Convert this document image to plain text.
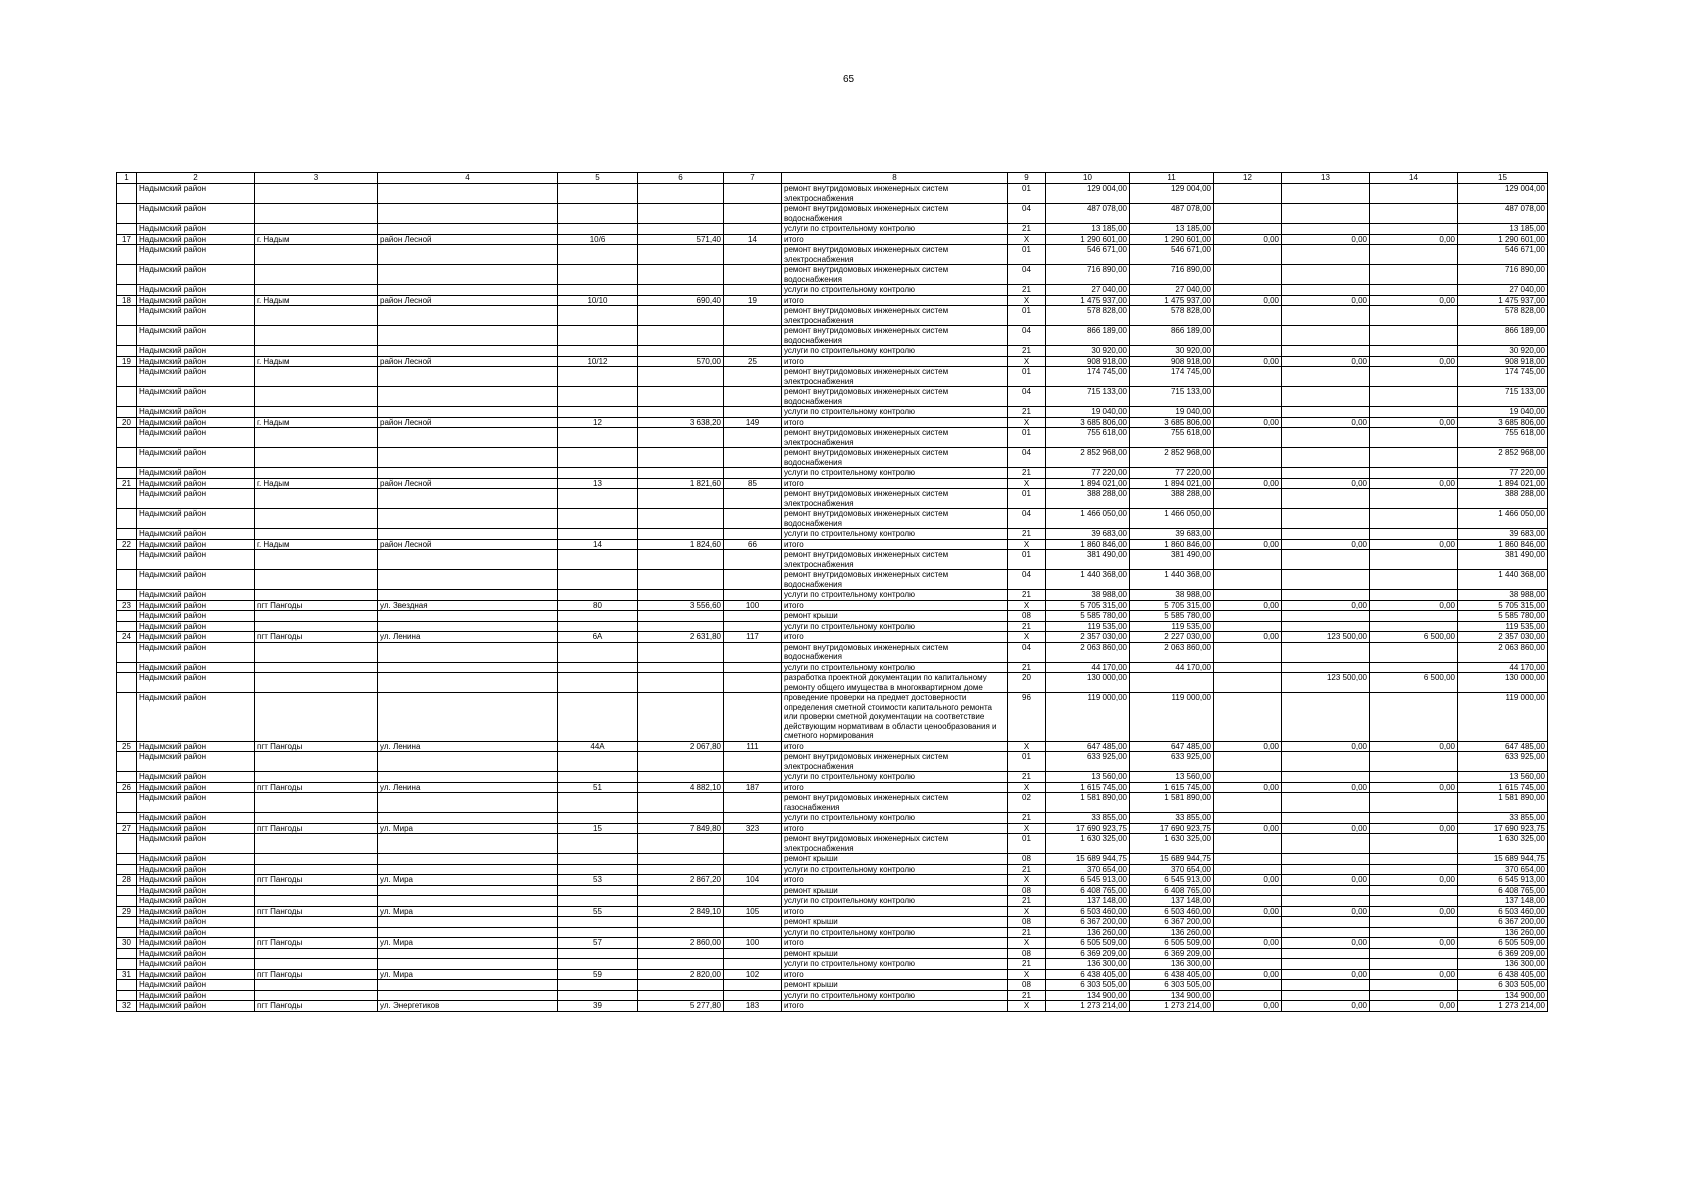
65
1	2	3	4	5	6	7	8	9	10	11	12	13	14	15
	Надымский район						ремонт внутридомовых инженерных систем электроснабжения	01	129 004,00	129 004,00				129 004,00
	Надымский район						ремонт внутридомовых инженерных систем водоснабжения	04	487 078,00	487 078,00				487 078,00
	Надымский район						услуги по строительному контролю	21	13 185,00	13 185,00				13 185,00
17	Надымский район	г. Надым	район Лесной	10/6	571,40	14	итого	X	1 290 601,00	1 290 601,00	0,00	0,00	0,00	1 290 601,00
	Надымский район						ремонт внутридомовых инженерных систем электроснабжения	01	546 671,00	546 671,00				546 671,00
	Надымский район						ремонт внутридомовых инженерных систем водоснабжения	04	716 890,00	716 890,00				716 890,00
	Надымский район						услуги по строительному контролю	21	27 040,00	27 040,00				27 040,00
18	Надымский район	г. Надым	район Лесной	10/10	690,40	19	итого	X	1 475 937,00	1 475 937,00	0,00	0,00	0,00	1 475 937,00
	Надымский район						ремонт внутридомовых инженерных систем электроснабжения	01	578 828,00	578 828,00				578 828,00
	Надымский район						ремонт внутридомовых инженерных систем водоснабжения	04	866 189,00	866 189,00				866 189,00
	Надымский район						услуги по строительному контролю	21	30 920,00	30 920,00				30 920,00
19	Надымский район	г. Надым	район Лесной	10/12	570,00	25	итого	X	908 918,00	908 918,00	0,00	0,00	0,00	908 918,00
	Надымский район						ремонт внутридомовых инженерных систем электроснабжения	01	174 745,00	174 745,00				174 745,00
	Надымский район						ремонт внутридомовых инженерных систем водоснабжения	04	715 133,00	715 133,00				715 133,00
	Надымский район						услуги по строительному контролю	21	19 040,00	19 040,00				19 040,00
20	Надымский район	г. Надым	район Лесной	12	3 638,20	149	итого	X	3 685 806,00	3 685 806,00	0,00	0,00	0,00	3 685 806,00
	Надымский район						ремонт внутридомовых инженерных систем электроснабжения	01	755 618,00	755 618,00				755 618,00
	Надымский район						ремонт внутридомовых инженерных систем водоснабжения	04	2 852 968,00	2 852 968,00				2 852 968,00
	Надымский район						услуги по строительному контролю	21	77 220,00	77 220,00				77 220,00
21	Надымский район	г. Надым	район Лесной	13	1 821,60	85	итого	X	1 894 021,00	1 894 021,00	0,00	0,00	0,00	1 894 021,00
	Надымский район						ремонт внутридомовых инженерных систем электроснабжения	01	388 288,00	388 288,00				388 288,00
	Надымский район						ремонт внутридомовых инженерных систем водоснабжения	04	1 466 050,00	1 466 050,00				1 466 050,00
	Надымский район						услуги по строительному контролю	21	39 683,00	39 683,00				39 683,00
22	Надымский район	г. Надым	район Лесной	14	1 824,60	66	итого	X	1 860 846,00	1 860 846,00	0,00	0,00	0,00	1 860 846,00
	Надымский район						ремонт внутридомовых инженерных систем электроснабжения	01	381 490,00	381 490,00				381 490,00
	Надымский район						ремонт внутридомовых инженерных систем водоснабжения	04	1 440 368,00	1 440 368,00				1 440 368,00
	Надымский район						услуги по строительному контролю	21	38 988,00	38 988,00				38 988,00
23	Надымский район	пгт Пангоды	ул. Звездная	80	3 556,60	100	итого	X	5 705 315,00	5 705 315,00	0,00	0,00	0,00	5 705 315,00
	Надымский район						ремонт крыши	08	5 585 780,00	5 585 780,00				5 585 780,00
	Надымский район						услуги по строительному контролю	21	119 535,00	119 535,00				119 535,00
24	Надымский район	пгт Пангоды	ул. Ленина	6А	2 631,80	117	итого	X	2 357 030,00	2 227 030,00	0,00	123 500,00	6 500,00	2 357 030,00
	Надымский район						ремонт внутридомовых инженерных систем водоснабжения	04	2 063 860,00	2 063 860,00				2 063 860,00
	Надымский район						услуги по строительному контролю	21	44 170,00	44 170,00				44 170,00
	Надымский район						разработка проектной документации по капитальному ремонту общего имущества в многоквартирном доме	20	130 000,00			123 500,00	6 500,00	130 000,00
	Надымский район						проведение проверки на предмет достоверности определения сметной стоимости капитального ремонта или проверки сметной документации на соответствие действующим нормативам в области ценообразования и сметного нормирования	96	119 000,00	119 000,00				119 000,00
25	Надымский район	пгт Пангоды	ул. Ленина	44А	2 067,80	111	итого	X	647 485,00	647 485,00	0,00	0,00	0,00	647 485,00
	Надымский район						ремонт внутридомовых инженерных систем электроснабжения	01	633 925,00	633 925,00				633 925,00
	Надымский район						услуги по строительному контролю	21	13 560,00	13 560,00				13 560,00
26	Надымский район	пгт Пангоды	ул. Ленина	51	4 882,10	187	итого	X	1 615 745,00	1 615 745,00	0,00	0,00	0,00	1 615 745,00
	Надымский район						ремонт внутридомовых инженерных систем газоснабжения	02	1 581 890,00	1 581 890,00				1 581 890,00
	Надымский район						услуги по строительному контролю	21	33 855,00	33 855,00				33 855,00
27	Надымский район	пгт Пангоды	ул. Мира	15	7 849,80	323	итого	X	17 690 923,75	17 690 923,75	0,00	0,00	0,00	17 690 923,75
	Надымский район						ремонт внутридомовых инженерных систем электроснабжения	01	1 630 325,00	1 630 325,00				1 630 325,00
	Надымский район						ремонт крыши	08	15 689 944,75	15 689 944,75				15 689 944,75
	Надымский район						услуги по строительному контролю	21	370 654,00	370 654,00				370 654,00
28	Надымский район	пгт Пангоды	ул. Мира	53	2 867,20	104	итого	X	6 545 913,00	6 545 913,00	0,00	0,00	0,00	6 545 913,00
	Надымский район						ремонт крыши	08	6 408 765,00	6 408 765,00				6 408 765,00
	Надымский район						услуги по строительному контролю	21	137 148,00	137 148,00				137 148,00
29	Надымский район	пгт Пангоды	ул. Мира	55	2 849,10	105	итого	X	6 503 460,00	6 503 460,00	0,00	0,00	0,00	6 503 460,00
	Надымский район						ремонт крыши	08	6 367 200,00	6 367 200,00				6 367 200,00
	Надымский район						услуги по строительному контролю	21	136 260,00	136 260,00				136 260,00
30	Надымский район	пгт Пангоды	ул. Мира	57	2 860,00	100	итого	X	6 505 509,00	6 505 509,00	0,00	0,00	0,00	6 505 509,00
	Надымский район						ремонт крыши	08	6 369 209,00	6 369 209,00				6 369 209,00
	Надымский район						услуги по строительному контролю	21	136 300,00	136 300,00				136 300,00
31	Надымский район	пгт Пангоды	ул. Мира	59	2 820,00	102	итого	X	6 438 405,00	6 438 405,00	0,00	0,00	0,00	6 438 405,00
	Надымский район						ремонт крыши	08	6 303 505,00	6 303 505,00				6 303 505,00
	Надымский район						услуги по строительному контролю	21	134 900,00	134 900,00				134 900,00
32	Надымский район	пгт Пангоды	ул. Энергетиков	39	5 277,80	183	итого	X	1 273 214,00	1 273 214,00	0,00	0,00	0,00	1 273 214,00
